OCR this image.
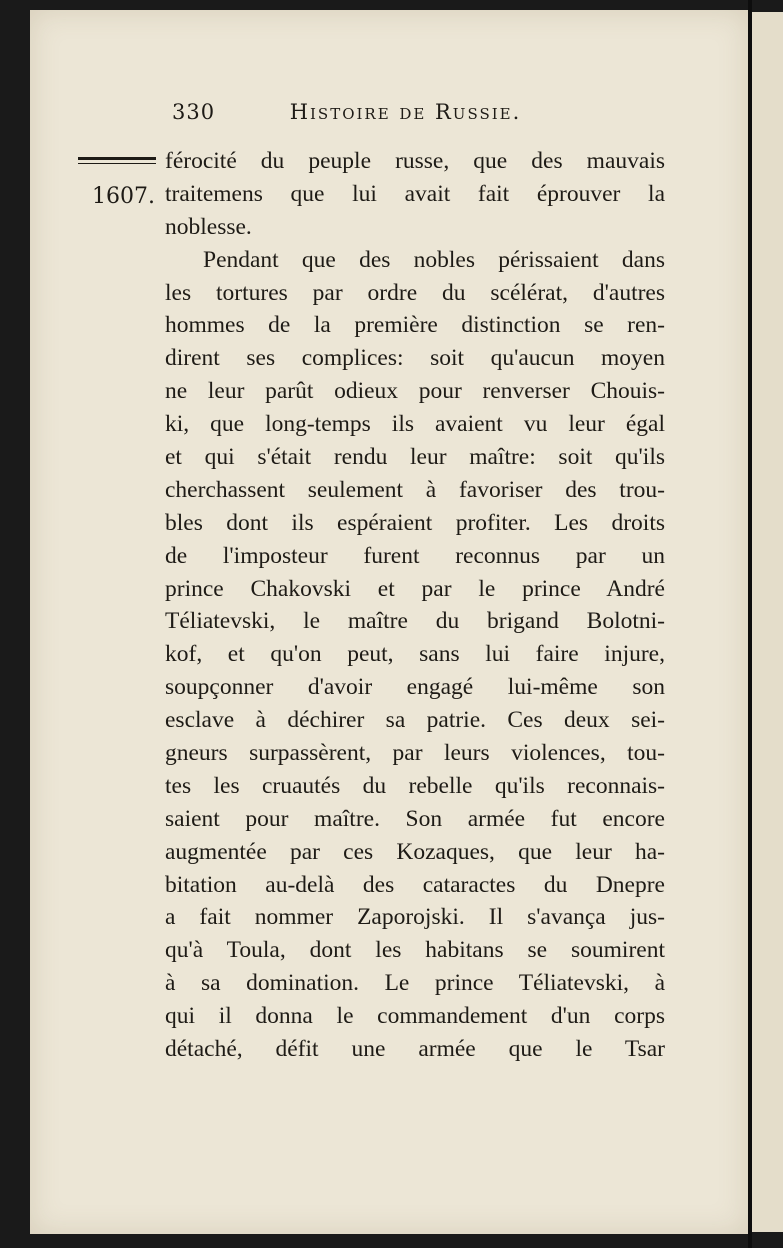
330	Histoire de Russie.
1607.
férocité du peuple russe, que des mauvais
traitemens que lui avait fait éprouver la
noblesse.
Pendant que des nobles périssaient dans
les tortures par ordre du scélérat, d'autres
hommes de la première distinction se ren-
dirent ses complices: soit qu'aucun moyen
ne leur parût odieux pour renverser Chouis-
ki, que long-temps ils avaient vu leur égal
et qui s'était rendu leur maître: soit qu'ils
cherchassent seulement à favoriser des trou-
bles dont ils espéraient profiter. Les droits
de l'imposteur furent reconnus par un
prince Chakovski et par le prince André
Téliatevski, le maître du brigand Bolotni-
kof, et qu'on peut, sans lui faire injure,
soupçonner d'avoir engagé lui-même son
esclave à déchirer sa patrie. Ces deux sei-
gneurs surpassèrent, par leurs violences, tou-
tes les cruautés du rebelle qu'ils reconnais-
saient pour maître. Son armée fut encore
augmentée par ces Kozaques, que leur ha-
bitation au-delà des cataractes du Dnepre
a fait nommer Zaporojski. Il s'avança jus-
qu'à Toula, dont les habitans se soumirent
à sa domination. Le prince Téliatevski, à
qui il donna le commandement d'un corps
détaché, défit une armée que le Tsar
